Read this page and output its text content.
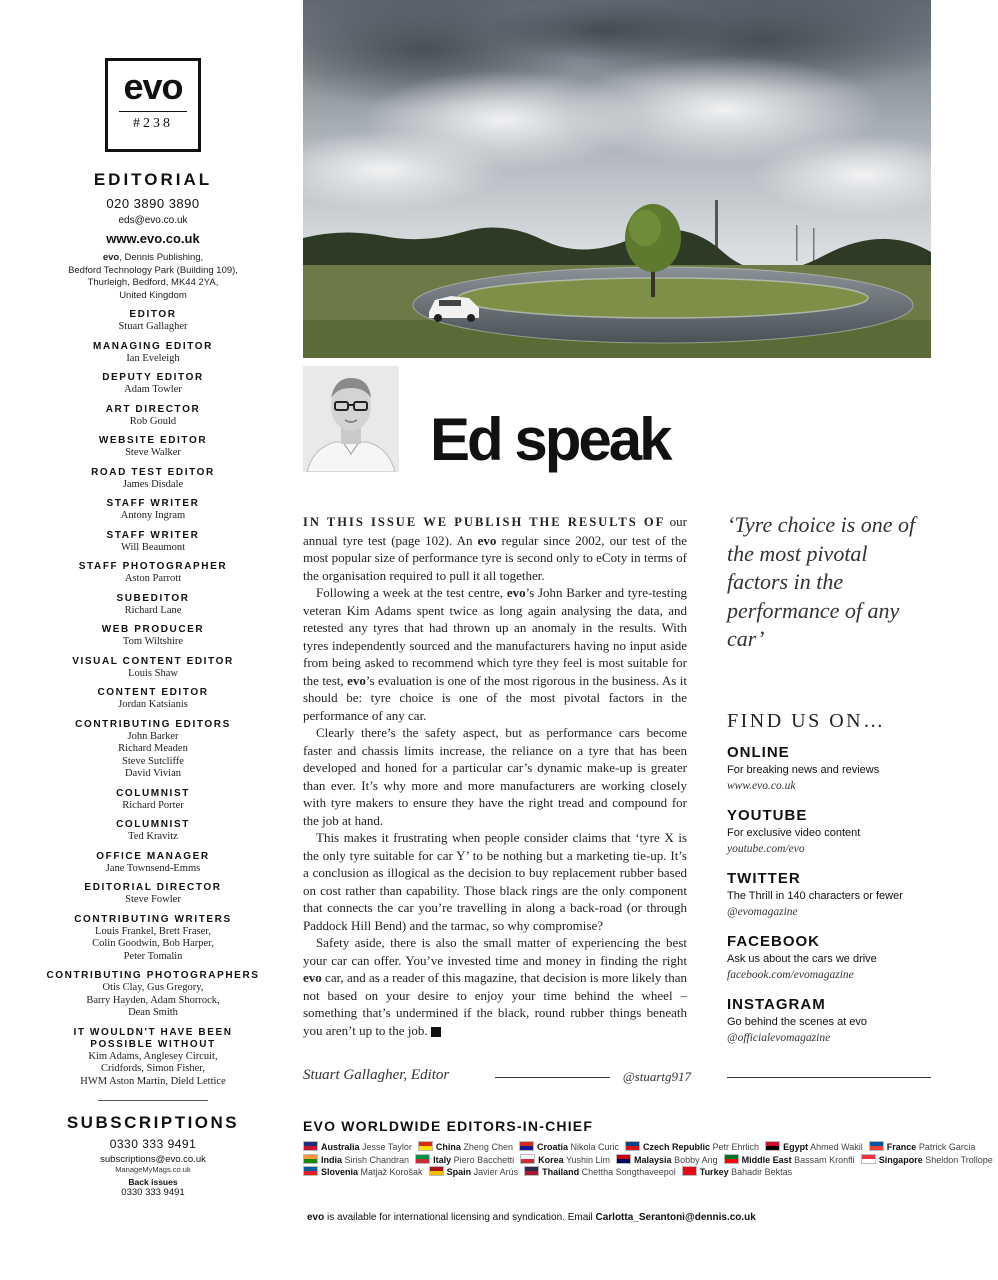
evo
#238
EDITORIAL
020 3890 3890
eds@evo.co.uk
www.evo.co.uk
evo, Dennis Publishing,
Bedford Technology Park (Building 109),
Thurleigh, Bedford, MK44 2YA,
United Kingdom
EDITOR
Stuart Gallagher
MANAGING EDITOR
Ian Eveleigh
DEPUTY EDITOR
Adam Towler
ART DIRECTOR
Rob Gould
WEBSITE EDITOR
Steve Walker
ROAD TEST EDITOR
James Disdale
STAFF WRITER
Antony Ingram
STAFF WRITER
Will Beaumont
STAFF PHOTOGRAPHER
Aston Parrott
SUBEDITOR
Richard Lane
WEB PRODUCER
Tom Wiltshire
VISUAL CONTENT EDITOR
Louis Shaw
CONTENT EDITOR
Jordan Katsianis
CONTRIBUTING EDITORS
John Barker
Richard Meaden
Steve Sutcliffe
David Vivian
COLUMNIST
Richard Porter
COLUMNIST
Ted Kravitz
OFFICE MANAGER
Jane Townsend-Emms
EDITORIAL DIRECTOR
Steve Fowler
CONTRIBUTING WRITERS
Louis Frankel, Brett Fraser,
Colin Goodwin, Bob Harper,
Peter Tomalin
CONTRIBUTING PHOTOGRAPHERS
Otis Clay, Gus Gregory,
Barry Hayden, Adam Shorrock,
Dean Smith
IT WOULDN'T HAVE BEEN POSSIBLE WITHOUT
Kim Adams, Anglesey Circuit,
Cridfords, Simon Fisher,
HWM Aston Martin, Dield Lettice
SUBSCRIPTIONS
0330 333 9491
subscriptions@evo.co.uk
ManageMyMags.co.uk
Back issues
0330 333 9491
Ed speak

IN THIS ISSUE WE PUBLISH THE RESULTS OF our annual tyre test (page 102). An evo regular since 2002, our test of the most popular size of performance tyre is second only to eCoty in terms of the organisation required to pull it all together.

Following a week at the test centre, evo’s John Barker and tyre-testing veteran Kim Adams spent twice as long again analysing the data, and retested any tyres that had thrown up an anomaly in the results. With tyres independently sourced and the manufacturers having no input aside from being asked to recommend which tyre they feel is most suitable for the test, evo’s evaluation is one of the most rigorous in the business. As it should be: tyre choice is one of the most pivotal factors in the performance of any car.

Clearly there’s the safety aspect, but as performance cars become faster and chassis limits increase, the reliance on a tyre that has been developed and honed for a particular car’s dynamic make-up is greater than ever. It’s why more and more manufacturers are working closely with tyre makers to ensure they have the right tread and compound for the job at hand.

This makes it frustrating when people consider claims that ‘tyre X is the only tyre suitable for car Y’ to be nothing but a marketing tie-up. It’s a conclusion as illogical as the decision to buy replacement rubber based on cost rather than capability. Those black rings are the only component that connects the car you’re travelling in along a back-road (or through Paddock Hill Bend) and the tarmac, so why compromise?

Safety aside, there is also the small matter of experiencing the best your car can offer. You’ve invested time and money in finding the right evo car, and as a reader of this magazine, that decision is more likely than not based on your desire to enjoy your time behind the wheel – something that’s undermined if the black, round rubber things beneath you aren’t up to the job. ✕

Stuart Gallagher, Editor	@stuartg917
‘Tyre choice is one of the most pivotal factors in the performance of any car’
FIND US ON…
ONLINE
For breaking news and reviews
www.evo.co.uk
YOUTUBE
For exclusive video content
youtube.com/evo
TWITTER
The Thrill in 140 characters or fewer
@evomagazine
FACEBOOK
Ask us about the cars we drive
facebook.com/evomagazine
INSTAGRAM
Go behind the scenes at evo
@officialevomagazine
EVO WORLDWIDE EDITORS-IN-CHIEF
Australia Jesse Taylor	China Zheng Chen	Croatia Nikola Curic	Czech Republic Petr Ehrlich	Egypt Ahmed Wakil	France Patrick Garcia
India Sirish Chandran	Italy Piero Bacchetti	Korea Yushin Lim	Malaysia Bobby Ang	Middle East Bassam Kronfli	Singapore Sheldon Trollope
Slovenia Matjaž Korošak	Spain Javier Arús	Thailand Chettha Songthaveepol	Turkey Bahadir Bektas
evo is available for international licensing and syndication. Email Carlotta_Serantoni@dennis.co.uk
